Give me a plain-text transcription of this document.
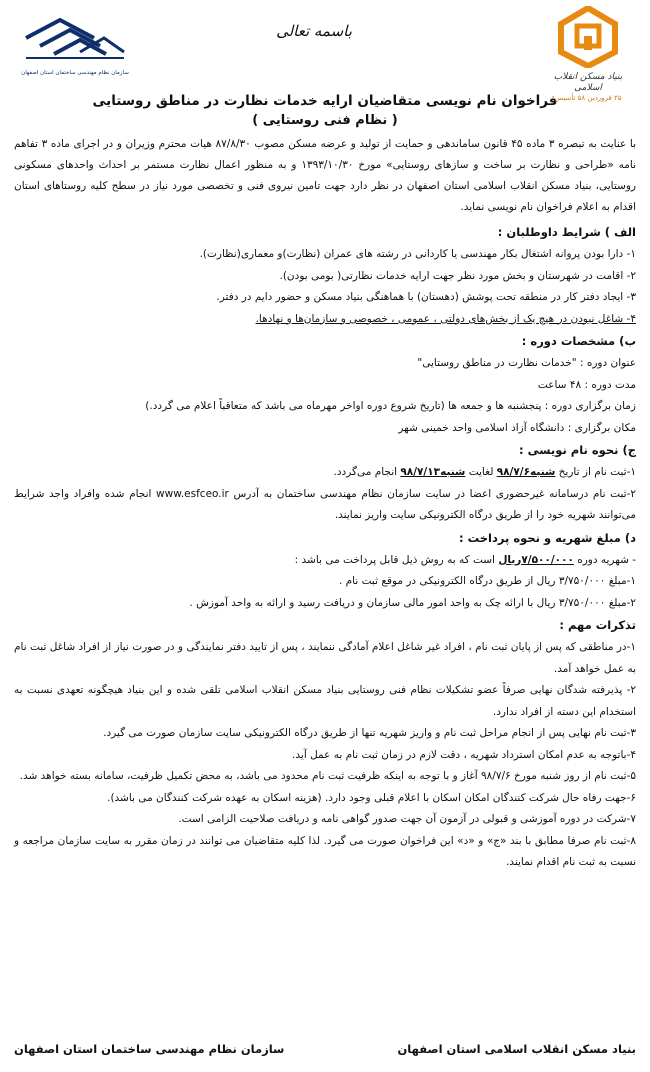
بنیاد مسکن انقلاب اسلامی
۲۵ فروردین ۵۸ تأسیس
باسمه تعالی
سازمان نظام مهندسی ساختمان استان اصفهان
فراخوان نام نویسی متقاضیان ارایه خدمات نظارت در مناطق روستایی
( نظام فنی روستایی )
با عنایت به تبصره ۳ ماده ۴۵ قانون ساماندهی و حمایت از تولید و عرضه مسکن مصوب ۸۷/۸/۳۰ هیات محترم وزیران و در اجرای ماده ۳ تفاهم نامه «طراحی و نظارت بر ساخت و سازهای روستایی» مورخ ۱۳۹۳/۱۰/۳۰ و به منظور اعمال نظارت مستمر بر احداث واحدهای مسکونی روستایی، بنیاد مسکن انقلاب اسلامی استان اصفهان در نظر دارد جهت تامین نیروی فنی و تخصصی مورد نیاز در سطح کلیه روستاهای استان اقدام به اعلام فراخوان نام نویسی نماید.
الف ) شرایط داوطلبان :
۱- دارا بودن پروانه اشتغال بکار مهندسی یا کاردانی در رشته های عمران (نظارت)و معماری(نظارت).
۲- اقامت در شهرستان و بخش مورد نظر جهت ارایه خدمات نظارتی( بومی بودن).
۳- ایجاد دفتر کار در منطقه تحت پوشش (دهستان) با هماهنگی بنیاد مسکن و حضور دایم در دفتر.
۴- شاغل نبودن در هیچ یک از بخش‌های دولتی ، عمومی ، خصوصی و سازمان‌ها و نهادها.
ب) مشخصات دوره :
عنوان دوره : "خدمات نظارت در مناطق روستایی"
مدت دوره : ۴۸ ساعت
زمان برگزاری دوره : پنجشنبه ها و جمعه ها (تاریخ شروع دوره اواخر مهرماه می باشد که متعاقباً اعلام می گردد.)
مکان برگزاری : دانشگاه آزاد اسلامی واحد خمینی شهر
ج) نحوه نام نویسی :
۱-ثبت نام از تاریخ شنبه۹۸/۷/۶ لغایت شنبه۹۸/۷/۱۳ انجام می‌گردد.
۲-ثبت نام درسامانه غیرحضوری اعضا در سایت سازمان نظام مهندسی ساختمان به آدرس www.esfceo.ir انجام شده وافراد واجد شرایط می‌توانند شهریه خود را از طریق درگاه الکترونیکی سایت واریز نمایند.
د) مبلغ شهریه و نحوه پرداخت :
- شهریه دوره ۷/۵۰۰/۰۰۰ریال است که به روش ذیل قابل پرداخت می باشد :
۱-مبلغ ۳/۷۵۰/۰۰۰ ریال از طریق درگاه الکترونیکی در موقع ثبت نام .
۲-مبلغ ۳/۷۵۰/۰۰۰ ریال با ارائه چک به واحد امور مالی سازمان و دریافت رسید و ارائه به واحد آموزش .
تذکرات مهم :
۱-در مناطقی که پس از پایان ثبت نام ، افراد غیر شاغل اعلام آمادگی ننمایند ، پس از تایید دفتر نمایندگی و در صورت نیاز از افراد شاغل ثبت نام به عمل خواهد آمد.
۲- پذیرفته شدگان نهایی صرفاً عضو تشکیلات نظام فنی روستایی بنیاد مسکن انقلاب اسلامی تلقی شده و این بنیاد هیچگونه تعهدی نسبت به استخدام این دسته از افراد ندارد.
۳-ثبت نام نهایی پس از انجام مراحل ثبت نام و واریز شهریه تنها از طریق درگاه الکترونیکی سایت سازمان صورت می گیرد.
۴-باتوجه به عدم امکان استرداد شهریه ، دقت لازم در زمان ثبت نام به عمل آید.
۵-ثبت نام از روز شنبه مورخ ۹۸/۷/۶ آغاز و با توجه به اینکه ظرفیت ثبت نام محدود می باشد، به محض تکمیل ظرفیت، سامانه بسته خواهد شد.
۶-جهت رفاه حال شرکت کنندگان امکان اسکان با اعلام قبلی وجود دارد. (هزینه اسکان به عهده شرکت کنندگان می باشد).
۷-شرکت در دوره آموزشی و قبولی در آزمون آن جهت صدور گواهی نامه و دریافت صلاحیت الزامی است.
۸-ثبت نام صرفا مطابق با بند «ج» و «د» این فراخوان صورت می گیرد. لذا کلیه متقاضیان می توانند در زمان مقرر به سایت سازمان مراجعه و نسبت به ثبت نام اقدام نمایند.
بنیاد مسکن انقلاب اسلامی استان اصفهان
سازمان نظام مهندسی ساختمان استان اصفهان
